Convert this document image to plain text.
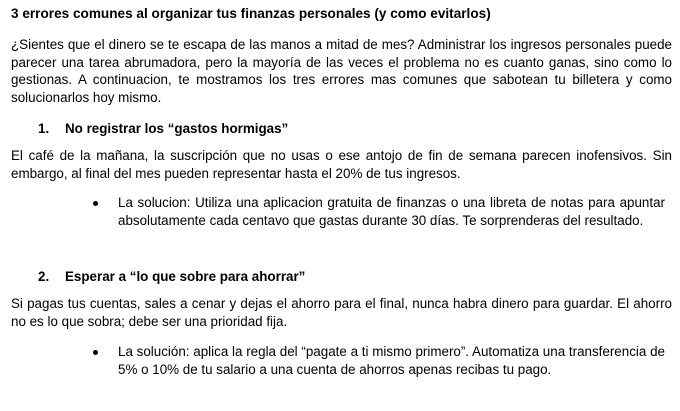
3 errores comunes al organizar tus finanzas personales (y como evitarlos)

¿Sientes que el dinero se te escapa de las manos a mitad de mes? Administrar los ingresos personales puede parecer una tarea abrumadora, pero la mayoría de las veces el problema no es cuanto ganas, sino como lo gestionas. A continuacion, te mostramos los tres errores mas comunes que sabotean tu billetera y como solucionarlos hoy mismo.

1. No registrar los “gastos hormigas”

El café de la mañana, la suscripción que no usas o ese antojo de fin de semana parecen inofensivos. Sin embargo, al final del mes pueden representar hasta el 20% de tus ingresos.

La solucion: Utiliza una aplicacion gratuita de finanzas o una libreta de notas para apuntar absolutamente cada centavo que gastas durante 30 días. Te sorprenderas del resultado.
2. Esperar a “lo que sobre para ahorrar”

Si pagas tus cuentas, sales a cenar y dejas el ahorro para el final, nunca habra dinero para guardar. El ahorro no es lo que sobra; debe ser una prioridad fija.

La solución: aplica la regla del “pagate a ti mismo primero”. Automatiza una transferencia de 5% o 10% de tu salario a una cuenta de ahorros apenas recibas tu pago.
